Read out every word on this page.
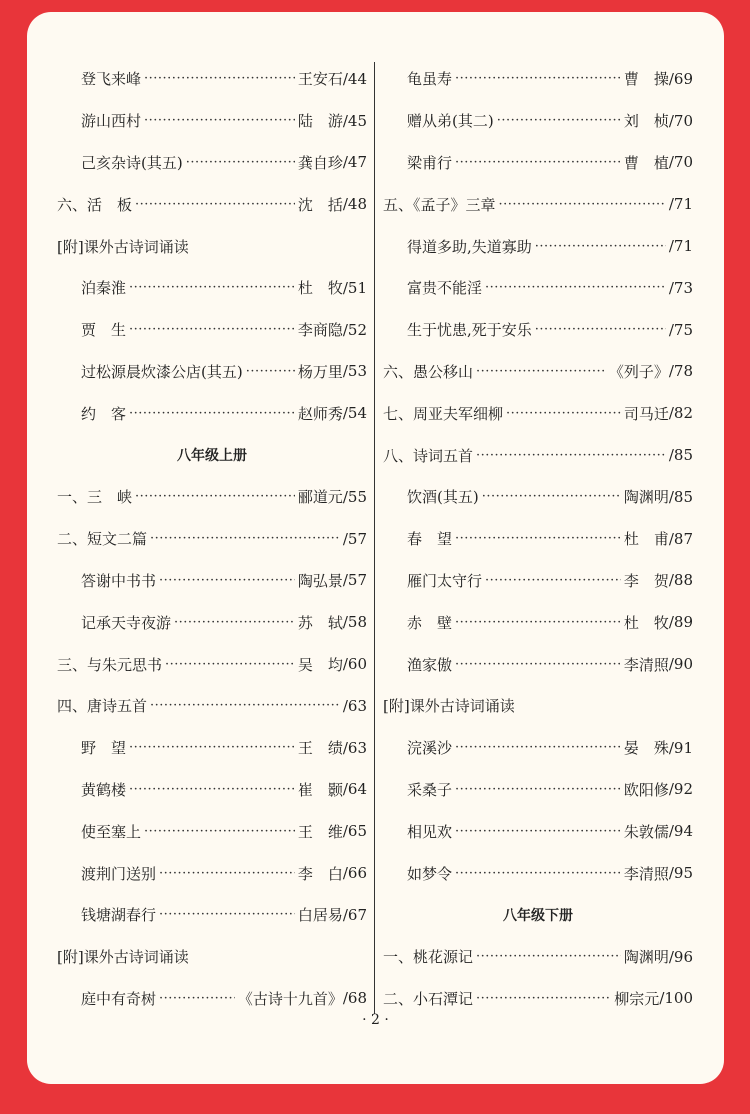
登飞来峰 ·····	王安石 /44
游山西村 ·····	陆　游 /45
己亥杂诗(其五) ·····	龚自珍 /47
六、活　板 ·····	沈　括 /48
[附]课外古诗词诵读
泊秦淮 ·····	杜　牧 /51
贾　生 ·····	李商隐 /52
过松源晨炊漆公店(其五) ·····	杨万里 /53
约　客 ·····	赵师秀 /54
八年级上册
一、三　峡 ·····	郦道元 /55
二、短文二篇 ·····	/57
答谢中书书 ·····	陶弘景 /57
记承天寺夜游 ·····	苏　轼 /58
三、与朱元思书 ·····	吴　均 /60
四、唐诗五首 ·····	/63
野　望 ·····	王　绩 /63
黄鹤楼 ·····	崔　颢 /64
使至塞上 ·····	王　维 /65
渡荆门送别 ·····	李　白 /66
钱塘湖春行 ·····	白居易 /67
[附]课外古诗词诵读
庭中有奇树 ·····	《古诗十九首》 /68
龟虽寿 ·····	曹　操 /69
赠从弟(其二) ·····	刘　桢 /70
梁甫行 ·····	曹　植 /70
五、《孟子》三章 ·····	/71
得道多助,失道寡助 ·····	/71
富贵不能淫 ·····	/73
生于忧患,死于安乐 ·····	/75
六、愚公移山 ·····	《列子》 /78
七、周亚夫军细柳 ·····	司马迁 /82
八、诗词五首 ·····	/85
饮酒(其五) ·····	陶渊明 /85
春　望 ·····	杜　甫 /87
雁门太守行 ·····	李　贺 /88
赤　壁 ·····	杜　牧 /89
渔家傲 ·····	李清照 /90
[附]课外古诗词诵读
浣溪沙 ·····	晏　殊 /91
采桑子 ·····	欧阳修 /92
相见欢 ·····	朱敦儒 /94
如梦令 ·····	李清照 /95
八年级下册
一、桃花源记 ·····	陶渊明 /96
二、小石潭记 ·····	柳宗元 /100
· 2 ·
